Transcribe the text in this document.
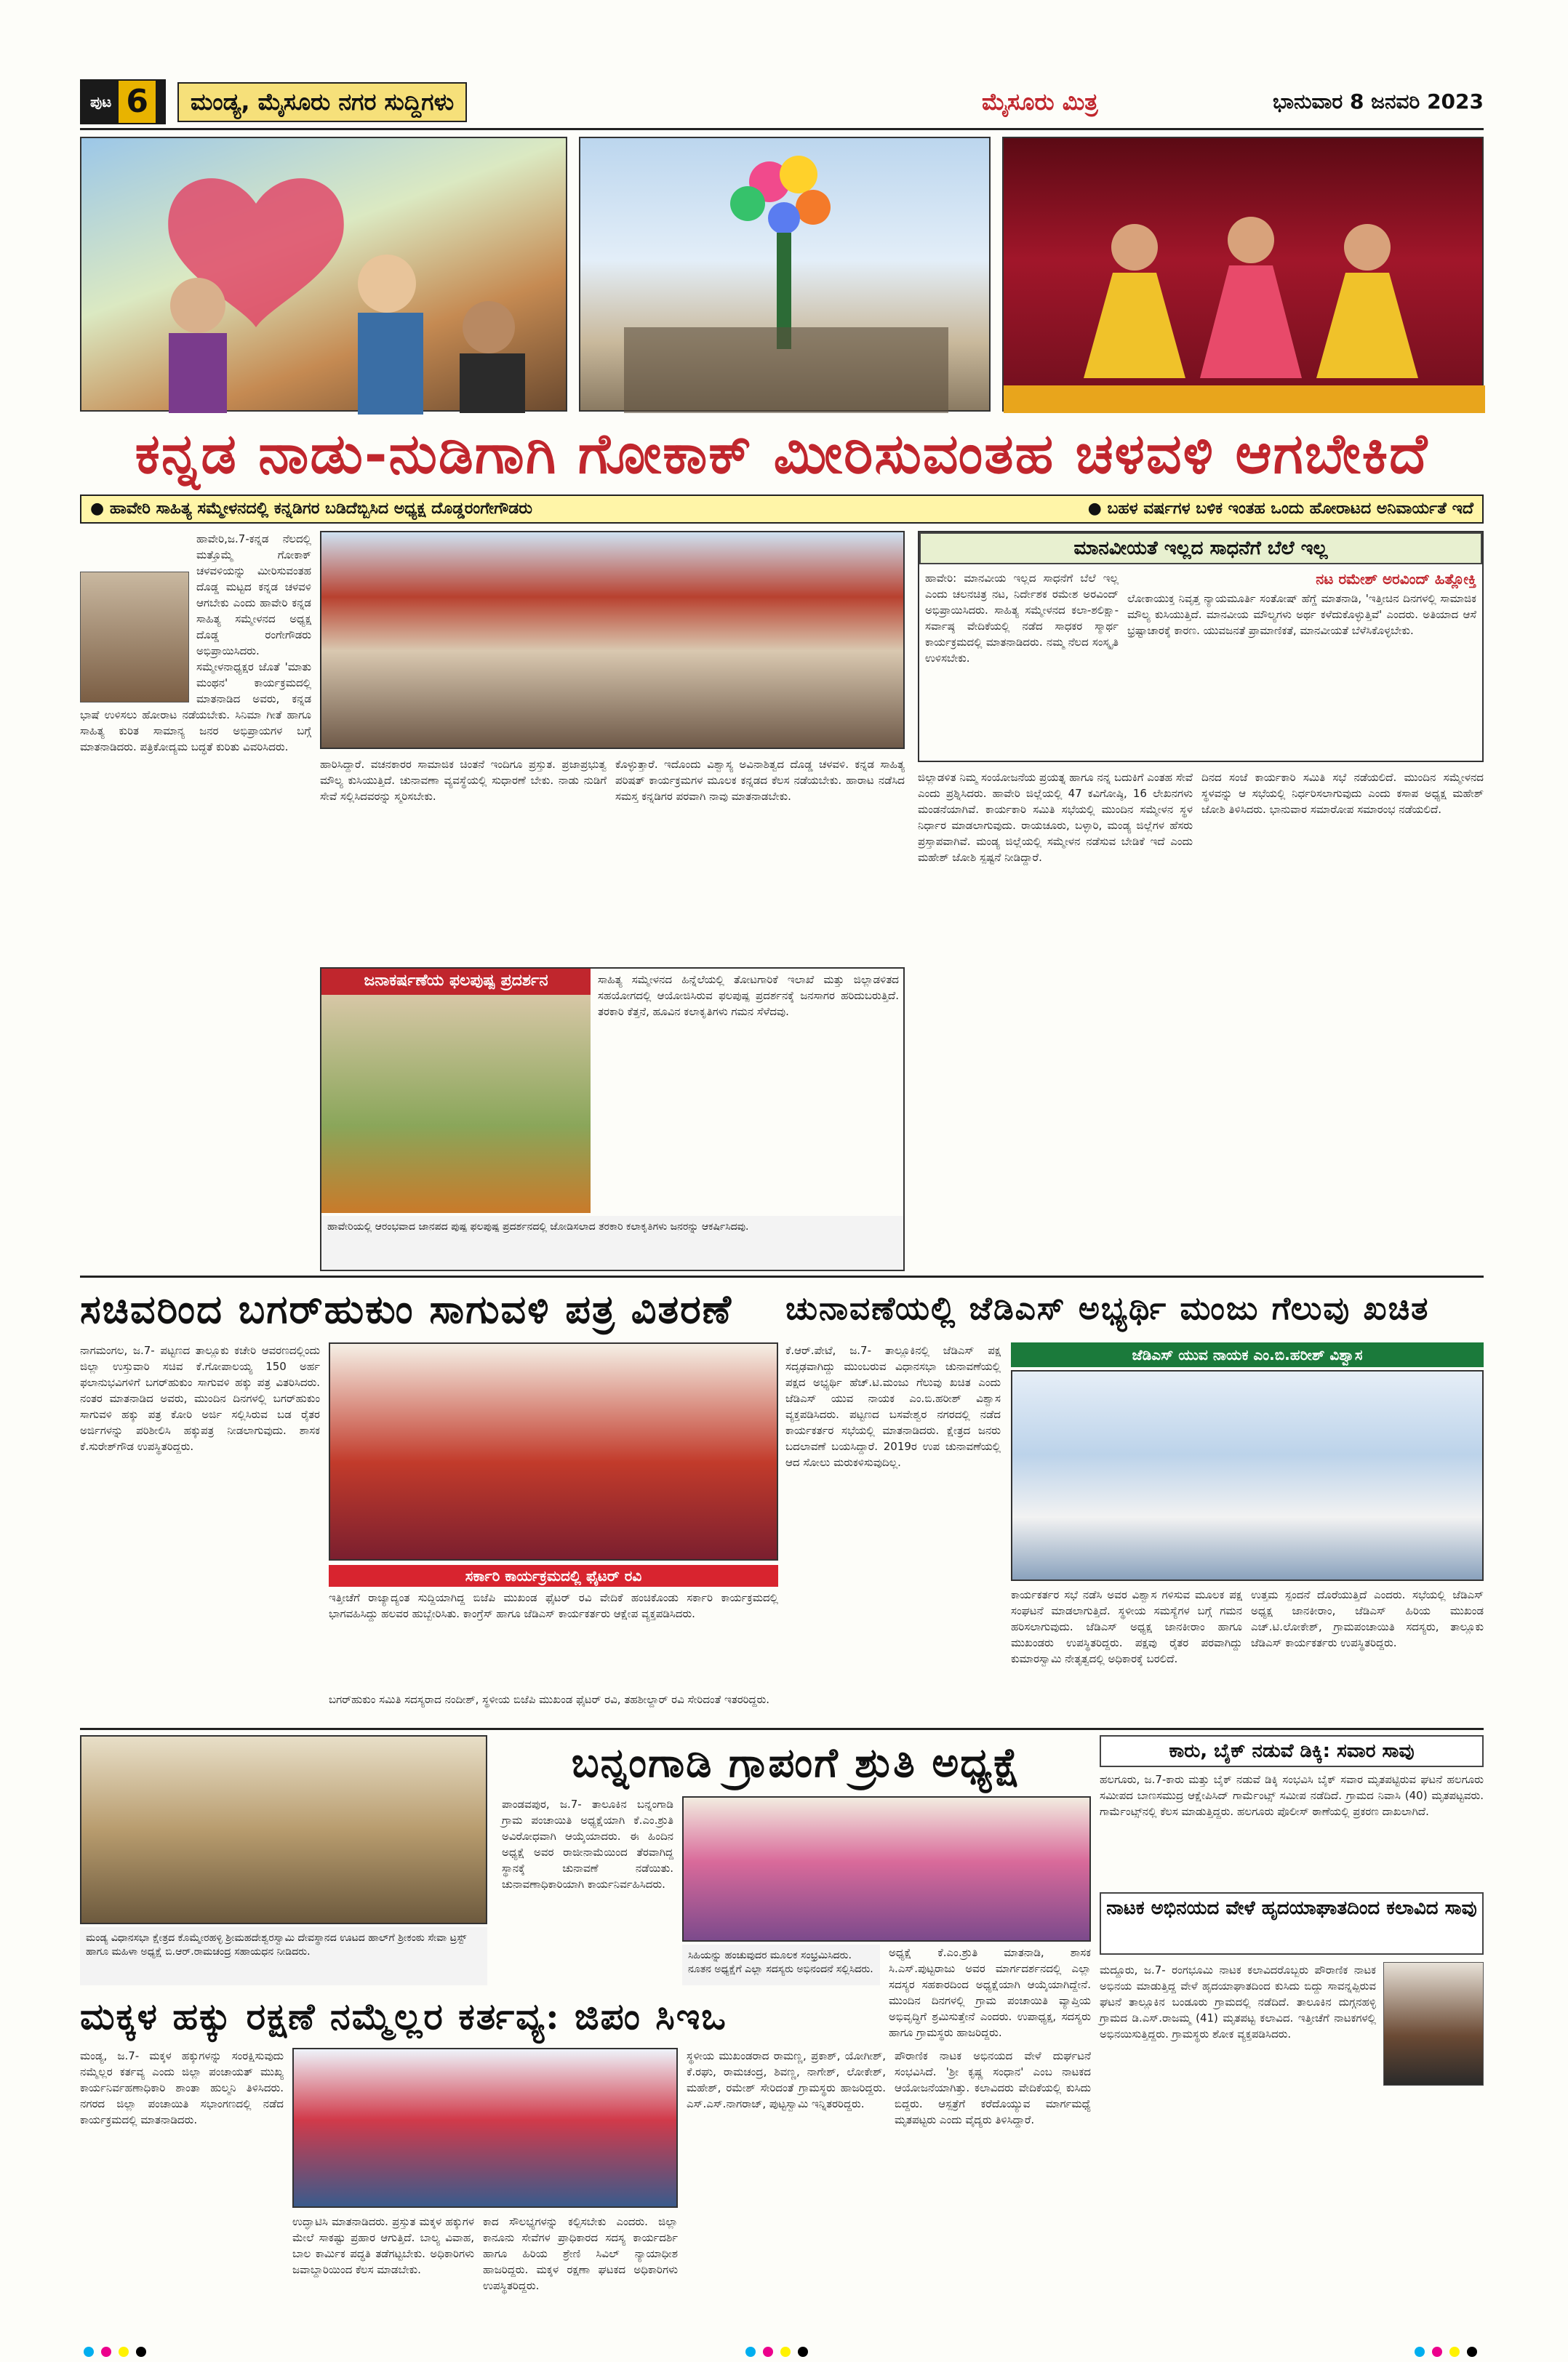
ಪುಟ 6	ಮಂಡ್ಯ, ಮೈಸೂರು ನಗರ ಸುದ್ದಿಗಳು	ಮೈಸೂರು ಮಿತ್ರ	ಭಾನುವಾರ 8 ಜನವರಿ 2023
ಕನ್ನಡ ನಾಡು-ನುಡಿಗಾಗಿ ಗೋಕಾಕ್ ಮೀರಿಸುವಂತಹ ಚಳವಳಿ ಆಗಬೇಕಿದೆ
● ಹಾವೇರಿ ಸಾಹಿತ್ಯ ಸಮ್ಮೇಳನದಲ್ಲಿ ಕನ್ನಡಿಗರ ಬಡಿದೆಬ್ಬಿಸಿದ ಅಧ್ಯಕ್ಷ ದೊಡ್ಡರಂಗೇಗೌಡರು	● ಬಹಳ ವರ್ಷಗಳ ಬಳಿಕ ಇಂತಹ ಒಂದು ಹೋರಾಟದ ಅನಿವಾರ್ಯತೆ ಇದೆ
ಹಾವೇರಿ,ಜ.7-ಕನ್ನಡ ನೆಲದಲ್ಲಿ ಮತ್ತೊಮ್ಮೆ ಗೋಕಾಕ್ ಚಳವಳಿಯನ್ನು ಮೀರಿಸುವಂತಹ ದೊಡ್ಡ ಮಟ್ಟದ ಕನ್ನಡ ಚಳವಳಿ ಆಗಬೇಕು ಎಂದು ಹಾವೇರಿ ಕನ್ನಡ ಸಾಹಿತ್ಯ ಸಮ್ಮೇಳನದ ಅಧ್ಯಕ್ಷ ದೊಡ್ಡ ರಂಗೇಗೌಡರು ಅಭಿಪ್ರಾಯಿಸಿದರು. ಸಮ್ಮೇಳನಾಧ್ಯಕ್ಷರ ಜೊತೆ 'ಮಾತು ಮಂಥನ' ಕಾರ್ಯಕ್ರಮದಲ್ಲಿ ಮಾತನಾಡಿದ ಅವರು, ಕನ್ನಡ ಭಾಷೆ ಉಳಿಸಲು ಹೋರಾಟ ನಡೆಯಬೇಕು. ಸಿನಿಮಾ ಗೀತೆ ಹಾಗೂ ಸಾಹಿತ್ಯ ಕುರಿತ ಸಾಮಾನ್ಯ ಜನರ ಅಭಿಪ್ರಾಯಗಳ ಬಗ್ಗೆ ಮಾತನಾಡಿದರು. ಪತ್ರಿಕೋದ್ಯಮ ಬದ್ಧತೆ ಕುರಿತು ವಿವರಿಸಿದರು.
ಹಾರಿಸಿದ್ದಾರೆ. ವಚನಕಾರರ ಸಾಮಾಜಿಕ ಚಿಂತನೆ ಇಂದಿಗೂ ಪ್ರಸ್ತುತ. ಪ್ರಜಾಪ್ರಭುತ್ವ ಮೌಲ್ಯ ಕುಸಿಯುತ್ತಿದೆ. ಚುನಾವಣಾ ವ್ಯವಸ್ಥೆಯಲ್ಲಿ ಸುಧಾರಣೆ ಬೇಕು. ನಾಡು ನುಡಿಗೆ ಸೇವೆ ಸಲ್ಲಿಸಿದವರನ್ನು ಸ್ಮರಿಸಬೇಕು.
ಕೊಳ್ಳುತ್ತಾರೆ. ಇದೊಂದು ವಿಶ್ವಾಸ್ಯ ಅವಿನಾಶಿತ್ವದ ದೊಡ್ಡ ಚಳವಳಿ. ಕನ್ನಡ ಸಾಹಿತ್ಯ ಪರಿಷತ್ ಕಾರ್ಯಕ್ರಮಗಳ ಮೂಲಕ ಕನ್ನಡದ ಕೆಲಸ ನಡೆಯಬೇಕು. ಹಾರಾಟ ನಡೆಸಿದ ಸಮಸ್ತ ಕನ್ನಡಿಗರ ಪರವಾಗಿ ನಾವು ಮಾತನಾಡಬೇಕು.
ಮಾನವೀಯತೆ ಇಲ್ಲದ ಸಾಧನೆಗೆ ಬೆಲೆ ಇಲ್ಲ
ಹಾವೇರಿ: ಮಾನವೀಯ ಇಲ್ಲದ ಸಾಧನೆಗೆ ಬೆಲೆ ಇಲ್ಲ ಎಂದು ಚಲನಚಿತ್ರ ನಟ, ನಿರ್ದೇಶಕ ರಮೇಶ ಅರವಿಂದ್ ಅಭಿಪ್ರಾಯಿಸಿದರು. ಸಾಹಿತ್ಯ ಸಮ್ಮೇಳನದ ಕಲಾ-ಶಲಿಕ್ಷಾ-ಸರ್ವಾಷ್ಠ ವೇದಿಕೆಯಲ್ಲಿ ನಡೆದ ಸಾಧಕರ ಸ್ಮಾರ್ಥ ಕಾರ್ಯಕ್ರಮದಲ್ಲಿ ಮಾತನಾಡಿದರು. ನಮ್ಮ ನೆಲದ ಸಂಸ್ಕೃತಿ ಉಳಿಸಬೇಕು.
ನಟ ರಮೇಶ್ ಅರವಿಂದ್ ಹಿತ್ಲೋಕ್ತಿ
ಲೋಕಾಯುಕ್ತ ನಿವೃತ್ತ ನ್ಯಾಯಮೂರ್ತಿ ಸಂತೋಷ್ ಹೆಗ್ಡೆ ಮಾತನಾಡಿ, 'ಇತ್ತೀಚಿನ ದಿನಗಳಲ್ಲಿ ಸಾಮಾಜಿಕ ಮೌಲ್ಯ ಕುಸಿಯುತ್ತಿದೆ. ಮಾನವೀಯ ಮೌಲ್ಯಗಳು ಅರ್ಥ ಕಳೆದುಕೊಳ್ಳುತ್ತಿವೆ' ಎಂದರು. ಅತಿಯಾದ ಆಸೆ ಭ್ರಷ್ಟಾಚಾರಕ್ಕೆ ಕಾರಣ. ಯುವಜನತೆ ಪ್ರಾಮಾಣಿಕತೆ, ಮಾನವೀಯತೆ ಬೆಳೆಸಿಕೊಳ್ಳಬೇಕು.
ಜನಾಕರ್ಷಣೆಯ ಫಲಪುಷ್ಪ ಪ್ರದರ್ಶನ	ಸಾಹಿತ್ಯ ಸಮ್ಮೇಳನದ ಹಿನ್ನೆಲೆಯಲ್ಲಿ ತೋಟಗಾರಿಕೆ ಇಲಾಖೆ ಮತ್ತು ಜಿಲ್ಲಾಡಳಿತದ ಸಹಯೋಗದಲ್ಲಿ ಆಯೋಜಿಸಿರುವ ಫಲಪುಷ್ಪ ಪ್ರದರ್ಶನಕ್ಕೆ ಜನಸಾಗರ ಹರಿದುಬರುತ್ತಿದೆ. ತರಕಾರಿ ಕೆತ್ತನೆ, ಹೂವಿನ ಕಲಾಕೃತಿಗಳು ಗಮನ ಸೆಳೆದವು.
ಹಾವೇರಿಯಲ್ಲಿ ಆರಂಭವಾದ ಜಾನಪದ ಪುಷ್ಪ ಫಲಪುಷ್ಪ ಪ್ರದರ್ಶನದಲ್ಲಿ ಜೋಡಿಸಲಾದ ತರಕಾರಿ ಕಲಾಕೃತಿಗಳು ಜನರನ್ನು ಆಕರ್ಷಿಸಿದವು.
ಜಿಲ್ಲಾಡಳಿತ ನಿಮ್ಮ ಸಂಯೋಜನೆಯ ಪ್ರಯತ್ನ ಹಾಗೂ ನನ್ನ ಬದುಕಿಗೆ ಎಂತಹ ಸೇವೆ ಎಂದು ಪ್ರಶ್ನಿಸಿದರು. ಹಾವೇರಿ ಜಿಲ್ಲೆಯಲ್ಲಿ 47 ಕವಿಗೋಷ್ಠಿ, 16 ಲೇಖನಗಳು ಮಂಡನೆಯಾಗಿವೆ. ಕಾರ್ಯಕಾರಿ ಸಮಿತಿ ಸಭೆಯಲ್ಲಿ ಮುಂದಿನ ಸಮ್ಮೇಳನ ಸ್ಥಳ ನಿರ್ಧಾರ ಮಾಡಲಾಗುವುದು. ರಾಯಚೂರು, ಬಳ್ಳಾರಿ, ಮಂಡ್ಯ ಜಿಲ್ಲೆಗಳ ಹೆಸರು ಪ್ರಸ್ತಾಪವಾಗಿವೆ. ಮಂಡ್ಯ ಜಿಲ್ಲೆಯಲ್ಲಿ ಸಮ್ಮೇಳನ ನಡೆಸುವ ಬೇಡಿಕೆ ಇದೆ ಎಂದು ಮಹೇಶ್ ಜೋಶಿ ಸ್ಪಷ್ಟನೆ ನೀಡಿದ್ದಾರೆ.
ದಿನದ ಸಂಜೆ ಕಾರ್ಯಕಾರಿ ಸಮಿತಿ ಸಭೆ ನಡೆಯಲಿದೆ. ಮುಂದಿನ ಸಮ್ಮೇಳನದ ಸ್ಥಳವನ್ನು ಆ ಸಭೆಯಲ್ಲಿ ನಿರ್ಧರಿಸಲಾಗುವುದು ಎಂದು ಕಸಾಪ ಅಧ್ಯಕ್ಷ ಮಹೇಶ್ ಜೋಶಿ ತಿಳಿಸಿದರು. ಭಾನುವಾರ ಸಮಾರೋಪ ಸಮಾರಂಭ ನಡೆಯಲಿದೆ.
ಸಚಿವರಿಂದ ಬಗರ್‌ಹುಕುಂ ಸಾಗುವಳಿ ಪತ್ರ ವಿತರಣೆ
ನಾಗಮಂಗಲ, ಜ.7- ಪಟ್ಟಣದ ತಾಲ್ಲೂಕು ಕಚೇರಿ ಆವರಣದಲ್ಲಿಂದು ಜಿಲ್ಲಾ ಉಸ್ತುವಾರಿ ಸಚಿವ ಕೆ.ಗೋಪಾಲಯ್ಯ 150 ಅರ್ಹ ಫಲಾನುಭವಿಗಳಿಗೆ ಬಗರ್‌ಹುಕುಂ ಸಾಗುವಳಿ ಹಕ್ಕು ಪತ್ರ ವಿತರಿಸಿದರು. ನಂತರ ಮಾತನಾಡಿದ ಅವರು, ಮುಂದಿನ ದಿನಗಳಲ್ಲಿ ಬಗರ್‌ಹುಕುಂ ಸಾಗುವಳಿ ಹಕ್ಕು ಪತ್ರ ಕೋರಿ ಅರ್ಜಿ ಸಲ್ಲಿಸಿರುವ ಬಡ ರೈತರ ಅರ್ಜಿಗಳನ್ನು ಪರಿಶೀಲಿಸಿ ಹಕ್ಕುಪತ್ರ ನೀಡಲಾಗುವುದು. ಶಾಸಕ ಕೆ.ಸುರೇಶ್‌ಗೌಡ ಉಪಸ್ಥಿತರಿದ್ದರು.
ಸರ್ಕಾರಿ ಕಾರ್ಯಕ್ರಮದಲ್ಲಿ ಫೈಟರ್ ರವಿ
ಇತ್ತೀಚೆಗೆ ರಾಜ್ಯಾದ್ಯಂತ ಸುದ್ದಿಯಾಗಿದ್ದ ಬಿಜೆಪಿ ಮುಖಂಡ ಫೈಟರ್ ರವಿ ವೇದಿಕೆ ಹಂಚಿಕೊಂಡು ಸರ್ಕಾರಿ ಕಾರ್ಯಕ್ರಮದಲ್ಲಿ ಭಾಗವಹಿಸಿದ್ದು ಹಲವರ ಹುಬ್ಬೇರಿಸಿತು. ಕಾಂಗ್ರೆಸ್ ಹಾಗೂ ಜೆಡಿಎಸ್ ಕಾರ್ಯಕರ್ತರು ಆಕ್ಷೇಪ ವ್ಯಕ್ತಪಡಿಸಿದರು.
ಬಗರ್‌ಹುಕುಂ ಸಮಿತಿ ಸದಸ್ಯರಾದ ನಂದೀಶ್, ಸ್ಥಳೀಯ ಬಿಜೆಪಿ ಮುಖಂಡ ಫೈಟರ್ ರವಿ, ತಹಶೀಲ್ದಾರ್ ರವಿ ಸೇರಿದಂತೆ ಇತರರಿದ್ದರು.
ಚುನಾವಣೆಯಲ್ಲಿ ಜೆಡಿಎಸ್ ಅಭ್ಯರ್ಥಿ ಮಂಜು ಗೆಲುವು ಖಚಿತ
ಕೆ.ಆರ್.ಪೇಟೆ, ಜ.7- ತಾಲ್ಲೂಕಿನಲ್ಲಿ ಜೆಡಿಎಸ್ ಪಕ್ಷ ಸದೃಢವಾಗಿದ್ದು ಮುಂಬರುವ ವಿಧಾನಸಭಾ ಚುನಾವಣೆಯಲ್ಲಿ ಪಕ್ಷದ ಅಭ್ಯರ್ಥಿ ಹೆಚ್.ಟಿ.ಮಂಜು ಗೆಲುವು ಖಚಿತ ಎಂದು ಜೆಡಿಎಸ್ ಯುವ ನಾಯಕ ಎಂ.ಬಿ.ಹರೀಶ್ ವಿಶ್ವಾಸ ವ್ಯಕ್ತಪಡಿಸಿದರು. ಪಟ್ಟಣದ ಬಸವೇಶ್ವರ ನಗರದಲ್ಲಿ ನಡೆದ ಕಾರ್ಯಕರ್ತರ ಸಭೆಯಲ್ಲಿ ಮಾತನಾಡಿದರು. ಕ್ಷೇತ್ರದ ಜನರು ಬದಲಾವಣೆ ಬಯಸಿದ್ದಾರೆ. 2019ರ ಉಪ ಚುನಾವಣೆಯಲ್ಲಿ ಆದ ಸೋಲು ಮರುಕಳಿಸುವುದಿಲ್ಲ.
ಜೆಡಿಎಸ್ ಯುವ ನಾಯಕ ಎಂ.ಬಿ.ಹರೀಶ್ ವಿಶ್ವಾಸ
ಕಾರ್ಯಕರ್ತರ ಸಭೆ ನಡೆಸಿ ಅವರ ವಿಶ್ವಾಸ ಗಳಿಸುವ ಮೂಲಕ ಪಕ್ಷ ಸಂಘಟನೆ ಮಾಡಲಾಗುತ್ತಿದೆ. ಸ್ಥಳೀಯ ಸಮಸ್ಯೆಗಳ ಬಗ್ಗೆ ಗಮನ ಹರಿಸಲಾಗುವುದು. ಜೆಡಿಎಸ್ ಅಧ್ಯಕ್ಷ ಜಾನಕೀರಾಂ ಹಾಗೂ ಮುಖಂಡರು ಉಪಸ್ಥಿತರಿದ್ದರು. ಪಕ್ಷವು ರೈತರ ಪರವಾಗಿದ್ದು ಕುಮಾರಸ್ವಾಮಿ ನೇತೃತ್ವದಲ್ಲಿ ಅಧಿಕಾರಕ್ಕೆ ಬರಲಿದೆ.
ಉತ್ತಮ ಸ್ಪಂದನೆ ದೊರೆಯುತ್ತಿದೆ ಎಂದರು. ಸಭೆಯಲ್ಲಿ ಜೆಡಿಎಸ್ ಅಧ್ಯಕ್ಷ ಜಾನಕೀರಾಂ, ಜೆಡಿಎಸ್ ಹಿರಿಯ ಮುಖಂಡ ಎಚ್.ಟಿ.ಲೋಕೇಶ್, ಗ್ರಾಮಪಂಚಾಯಿತಿ ಸದಸ್ಯರು, ತಾಲ್ಲೂಕು ಜೆಡಿಎಸ್ ಕಾರ್ಯಕರ್ತರು ಉಪಸ್ಥಿತರಿದ್ದರು.
ಮಂಡ್ಯ ವಿಧಾನಸಭಾ ಕ್ಷೇತ್ರದ ಕೊಮ್ಮೇರಹಳ್ಳಿ ಶ್ರೀಮಹದೇಶ್ವರಸ್ವಾಮಿ ದೇವಸ್ಥಾನದ ಊಟದ ಹಾಲ್‌ಗೆ ಶ್ರೀಕಂಠು ಸೇವಾ ಟ್ರಸ್ಟ್ ಹಾಗೂ ಮಹಿಳಾ ಅಧ್ಯಕ್ಷೆ ಬಿ.ಆರ್.ರಾಮಚಂದ್ರ ಸಹಾಯಧನ ನೀಡಿದರು.
ಬನ್ನಂಗಾಡಿ ಗ್ರಾಪಂಗೆ ಶ್ರುತಿ ಅಧ್ಯಕ್ಷೆ
ಪಾಂಡವಪುರ, ಜ.7- ತಾಲೂಕಿನ ಬನ್ನಂಗಾಡಿ ಗ್ರಾಮ ಪಂಚಾಯಿತಿ ಅಧ್ಯಕ್ಷೆಯಾಗಿ ಕೆ.ಎಂ.ಶ್ರುತಿ ಅವಿರೋಧವಾಗಿ ಆಯ್ಕೆಯಾದರು. ಈ ಹಿಂದಿನ ಅಧ್ಯಕ್ಷೆ ಅವರ ರಾಜೀನಾಮೆಯಿಂದ ತೆರವಾಗಿದ್ದ ಸ್ಥಾನಕ್ಕೆ ಚುನಾವಣೆ ನಡೆಯಿತು. ಚುನಾವಣಾಧಿಕಾರಿಯಾಗಿ ಕಾರ್ಯನಿರ್ವಹಿಸಿದರು.
ಸಿಹಿಯನ್ನು ಹಂಚುವುದರ ಮೂಲಕ ಸಂಭ್ರಮಿಸಿದರು. ನೂತನ ಅಧ್ಯಕ್ಷೆಗೆ ಎಲ್ಲಾ ಸದಸ್ಯರು ಅಭಿನಂದನೆ ಸಲ್ಲಿಸಿದರು.
ಅಧ್ಯಕ್ಷೆ ಕೆ.ಎಂ.ಶ್ರುತಿ ಮಾತನಾಡಿ, ಶಾಸಕ ಸಿ.ಎಸ್.ಪುಟ್ಟರಾಜು ಅವರ ಮಾರ್ಗದರ್ಶನದಲ್ಲಿ ಎಲ್ಲಾ ಸದಸ್ಯರ ಸಹಕಾರದಿಂದ ಅಧ್ಯಕ್ಷೆಯಾಗಿ ಆಯ್ಕೆಯಾಗಿದ್ದೇನೆ. ಮುಂದಿನ ದಿನಗಳಲ್ಲಿ ಗ್ರಾಮ ಪಂಚಾಯಿತಿ ವ್ಯಾಪ್ತಿಯ ಅಭಿವೃದ್ಧಿಗೆ ಶ್ರಮಿಸುತ್ತೇನೆ ಎಂದರು. ಉಪಾಧ್ಯಕ್ಷ, ಸದಸ್ಯರು ಹಾಗೂ ಗ್ರಾಮಸ್ಥರು ಹಾಜರಿದ್ದರು.
ಕಾರು, ಬೈಕ್ ನಡುವೆ ಡಿಕ್ಕಿ: ಸವಾರ ಸಾವು
ಹಲಗೂರು, ಜ.7-ಕಾರು ಮತ್ತು ಬೈಕ್ ನಡುವೆ ಡಿಕ್ಕಿ ಸಂಭವಿಸಿ ಬೈಕ್ ಸವಾರ ಮೃತಪಟ್ಟಿರುವ ಘಟನೆ ಹಲಗೂರು ಸಮೀಪದ ಬಾಣಸಮುದ್ರ ಆಕ್ಷೇಪಿಸಿದ್ ಗಾರ್ಮೆಂಟ್ಸ್ ಸಮೀಪ ನಡೆದಿದೆ. ಗ್ರಾಮದ ನಿವಾಸಿ (40) ಮೃತಪಟ್ಟವರು. ಗಾರ್ಮೆಂಟ್ಸ್‌ನಲ್ಲಿ ಕೆಲಸ ಮಾಡುತ್ತಿದ್ದರು. ಹಲಗೂರು ಪೊಲೀಸ್ ಠಾಣೆಯಲ್ಲಿ ಪ್ರಕರಣ ದಾಖಲಾಗಿದೆ.
ನಾಟಕ ಅಭಿನಯದ ವೇಳೆ ಹೃದಯಾಘಾತದಿಂದ ಕಲಾವಿದ ಸಾವು
ಮದ್ದೂರು, ಜ.7- ರಂಗಭೂಮಿ ನಾಟಕ ಕಲಾವಿದರೊಬ್ಬರು ಪೌರಾಣಿಕ ನಾಟಕ ಅಭಿನಯ ಮಾಡುತ್ತಿದ್ದ ವೇಳೆ ಹೃದಯಾಘಾತದಿಂದ ಕುಸಿದು ಬಿದ್ದು ಸಾವನ್ನಪ್ಪಿರುವ ಘಟನೆ ತಾಲ್ಲೂಕಿನ ಬಂಡೂರು ಗ್ರಾಮದಲ್ಲಿ ನಡೆದಿದೆ. ತಾಲೂಕಿನ ದುಗ್ಗನಹಳ್ಳಿ ಗ್ರಾಮದ ಡಿ.ಎಸ್.ರಾಜಮ್ಮ (41) ಮೃತಪಟ್ಟ ಕಲಾವಿದ. ಇತ್ತೀಚೆಗೆ ನಾಟಕಗಳಲ್ಲಿ ಅಭಿನಯಿಸುತ್ತಿದ್ದರು. ಗ್ರಾಮಸ್ಥರು ಶೋಕ ವ್ಯಕ್ತಪಡಿಸಿದರು.
ಮಕ್ಕಳ ಹಕ್ಕು ರಕ್ಷಣೆ ನಮ್ಮೆಲ್ಲರ ಕರ್ತವ್ಯ: ಜಿಪಂ ಸಿಇಒ
ಮಂಡ್ಯ, ಜ.7- ಮಕ್ಕಳ ಹಕ್ಕುಗಳನ್ನು ಸಂರಕ್ಷಿಸುವುದು ನಮ್ಮೆಲ್ಲರ ಕರ್ತವ್ಯ ಎಂದು ಜಿಲ್ಲಾ ಪಂಚಾಯತ್ ಮುಖ್ಯ ಕಾರ್ಯನಿರ್ವಹಣಾಧಿಕಾರಿ ಶಾಂತಾ ಹುಲ್ಮನಿ ತಿಳಿಸಿದರು. ನಗರದ ಜಿಲ್ಲಾ ಪಂಚಾಯಿತಿ ಸಭಾಂಗಣದಲ್ಲಿ ನಡೆದ ಕಾರ್ಯಕ್ರಮದಲ್ಲಿ ಮಾತನಾಡಿದರು.
ಉದ್ಘಾಟಿಸಿ ಮಾತನಾಡಿದರು. ಪ್ರಸ್ತುತ ಮಕ್ಕಳ ಹಕ್ಕುಗಳ ಮೇಲೆ ಸಾಕಷ್ಟು ಪ್ರಹಾರ ಆಗುತ್ತಿದೆ. ಬಾಲ್ಯ ವಿವಾಹ, ಬಾಲ ಕಾರ್ಮಿಕ ಪದ್ಧತಿ ತಡೆಗಟ್ಟಬೇಕು. ಅಧಿಕಾರಿಗಳು ಜವಾಬ್ದಾರಿಯಿಂದ ಕೆಲಸ ಮಾಡಬೇಕು.
ಕಾದ ಸೌಲಭ್ಯಗಳನ್ನು ಕಲ್ಪಿಸಬೇಕು ಎಂದರು. ಜಿಲ್ಲಾ ಕಾನೂನು ಸೇವೆಗಳ ಪ್ರಾಧಿಕಾರದ ಸದಸ್ಯ ಕಾರ್ಯದರ್ಶಿ ಹಾಗೂ ಹಿರಿಯ ಶ್ರೇಣಿ ಸಿವಿಲ್ ನ್ಯಾಯಾಧೀಶ ಹಾಜರಿದ್ದರು. ಮಕ್ಕಳ ರಕ್ಷಣಾ ಘಟಕದ ಅಧಿಕಾರಿಗಳು ಉಪಸ್ಥಿತರಿದ್ದರು.
ಸ್ಥಳೀಯ ಮುಖಂಡರಾದ ರಾಮಣ್ಣ, ಪ್ರಕಾಶ್, ಯೋಗೀಶ್, ಕೆ.ರಘು, ರಾಮಚಂದ್ರ, ಶಿವಣ್ಣ, ನಾಗೇಶ್, ಲೋಕೇಶ್, ಮಹೇಶ್, ರಮೇಶ್ ಸೇರಿದಂತೆ ಗ್ರಾಮಸ್ಥರು ಹಾಜರಿದ್ದರು. ಎಸ್.ಎಸ್.ನಾಗರಾಜ್, ಪುಟ್ಟಸ್ವಾಮಿ ಇನ್ನಿತರರಿದ್ದರು.
ಪೌರಾಣಿಕ ನಾಟಕ ಅಭಿನಯದ ವೇಳೆ ದುರ್ಘಟನೆ ಸಂಭವಿಸಿದೆ. 'ಶ್ರೀ ಕೃಷ್ಣ ಸಂಧಾನ' ಎಂಬ ನಾಟಕದ ಆಯೋಜನೆಯಾಗಿತ್ತು. ಕಲಾವಿದರು ವೇದಿಕೆಯಲ್ಲಿ ಕುಸಿದು ಬಿದ್ದರು. ಆಸ್ಪತ್ರೆಗೆ ಕರೆದೊಯ್ಯುವ ಮಾರ್ಗಮಧ್ಯೆ ಮೃತಪಟ್ಟರು ಎಂದು ವೈದ್ಯರು ತಿಳಿಸಿದ್ದಾರೆ.
